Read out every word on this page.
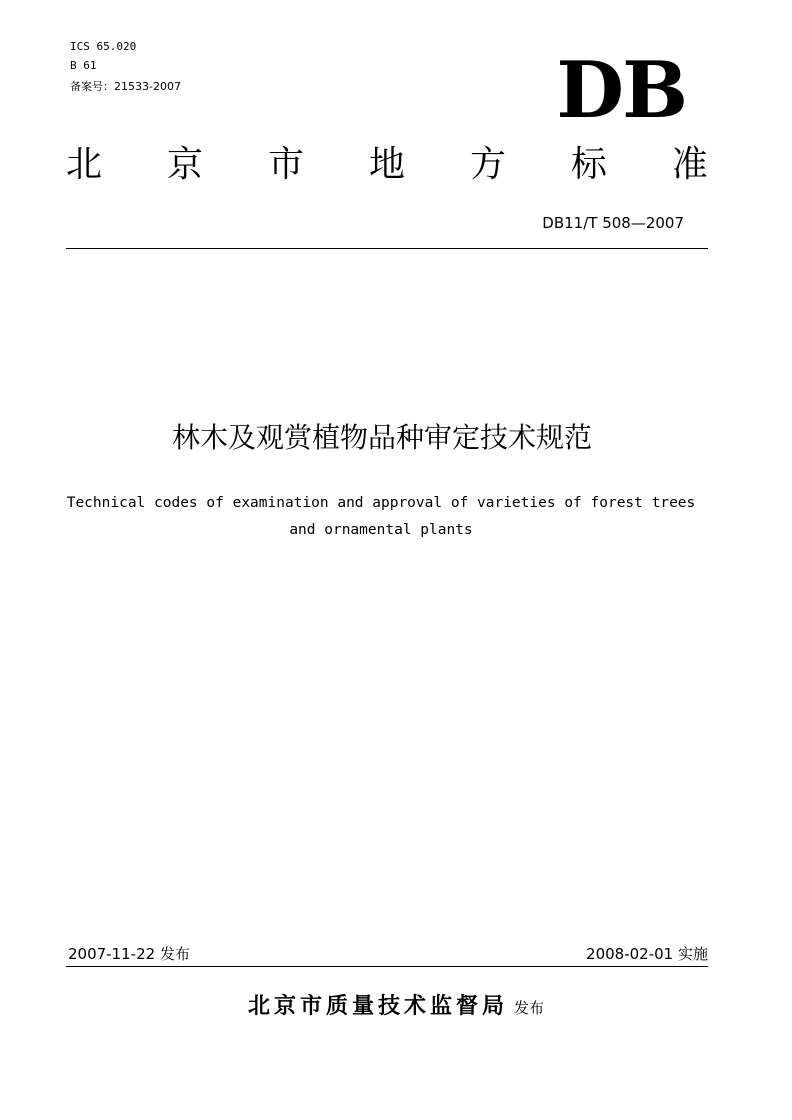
ICS 65.020
B 61
备案号：21533-2007	DB
北 京 市 地 方 标 准
DB11/T 508—2007
林木及观赏植物品种审定技术规范
Technical codes of examination and approval of varieties of forest trees
and ornamental plants
2007-11-22 发布	2008-02-01 实施
北京市质量技术监督局 发布
